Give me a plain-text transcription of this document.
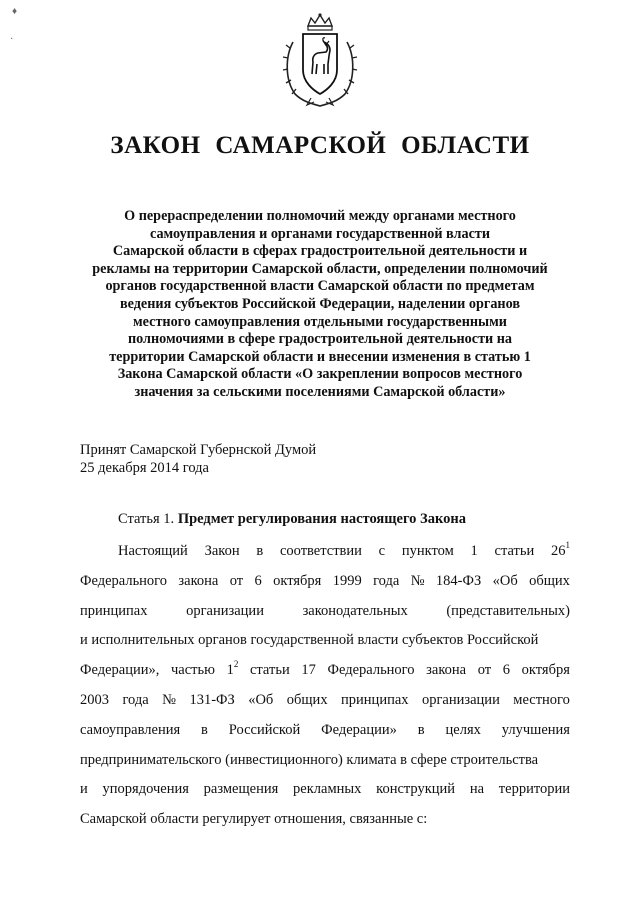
♦
·
ЗАКОН САМАРСКОЙ ОБЛАСТИ
О перераспределении полномочий между органами местного
самоуправления и органами государственной власти
Самарской области в сферах градостроительной деятельности и
рекламы на территории Самарской области, определении полномочий
органов государственной власти Самарской области по предметам
ведения субъектов Российской Федерации, наделении органов
местного самоуправления отдельными государственными
полномочиями в сфере градостроительной деятельности на
территории Самарской области и внесении изменения в статью 1
Закона Самарской области «О закреплении вопросов местного
значения за сельскими поселениями Самарской области»
Принят Самарской Губернской Думой
25 декабря 2014 года
Статья 1. Предмет регулирования настоящего Закона
Настоящий Закон в соответствии с пунктом 1 статьи $26^1$
Федерального закона от 6 октября 1999 года № 184-ФЗ «Об общих
принципах	организации	законодательных	(представительных)
и исполнительных органов государственной власти субъектов Российской
Федерации», частью $1^2$ статьи 17 Федерального закона от 6 октября
2003 года № 131-ФЗ «Об общих принципах организации местного
самоуправления в Российской Федерации» в целях улучшения
предпринимательского (инвестиционного) климата в сфере строительства
и упорядочения размещения рекламных конструкций на территории
Самарской области регулирует отношения, связанные с:
